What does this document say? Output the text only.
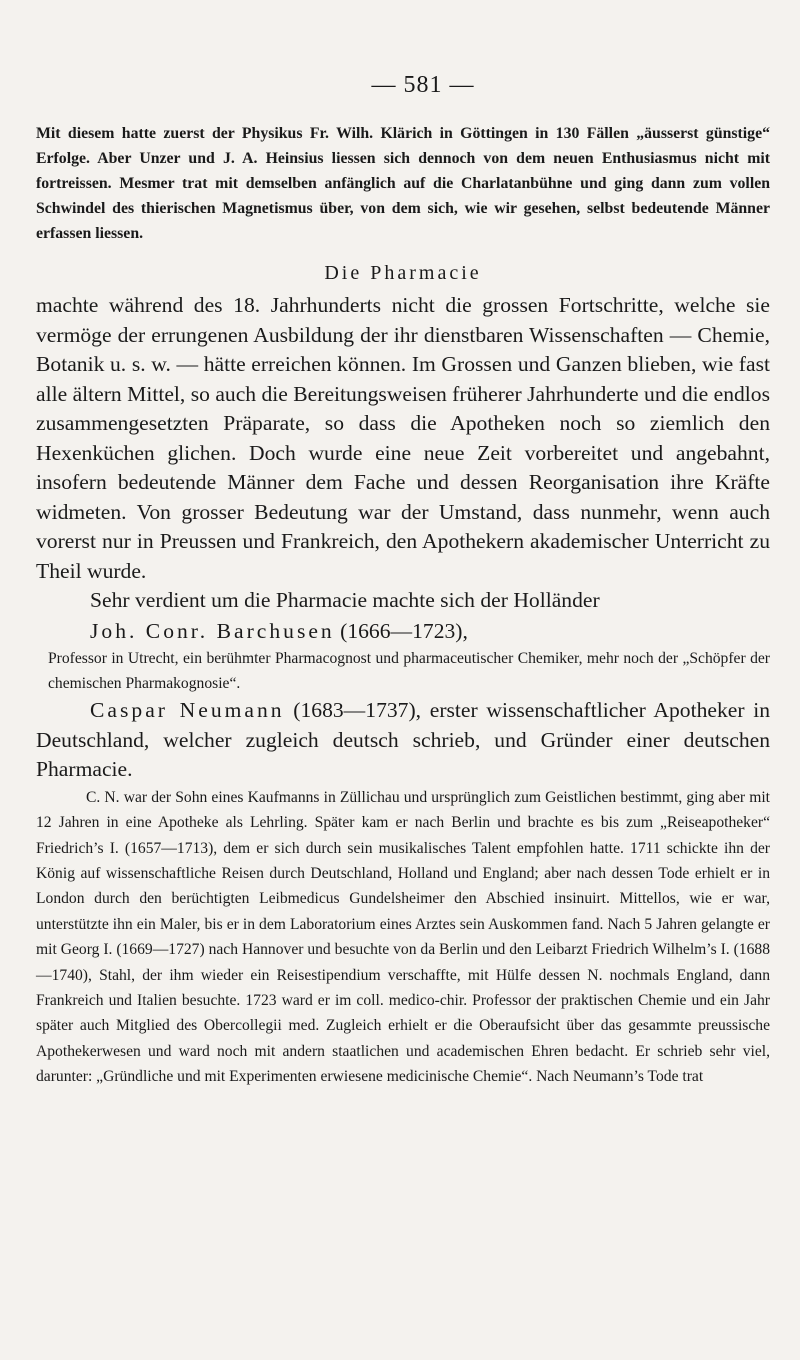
— 581 —

Mit diesem hatte zuerst der Physikus Fr. Wilh. Klärich in Göttingen in 130 Fällen „äusserst günstige“ Erfolge. Aber Unzer und J. A. Heinsius liessen sich dennoch von dem neuen Enthusiasmus nicht mit fortreissen. Mesmer trat mit demselben anfänglich auf die Charlatanbühne und ging dann zum vollen Schwindel des thierischen Magnetismus über, von dem sich, wie wir gesehen, selbst bedeutende Männer erfassen liessen.

Die Pharmacie

machte während des 18. Jahrhunderts nicht die grossen Fortschritte, welche sie vermöge der errungenen Ausbildung der ihr dienstbaren Wissenschaften — Chemie, Botanik u. s. w. — hätte erreichen können. Im Grossen und Ganzen blieben, wie fast alle ältern Mittel, so auch die Bereitungsweisen früherer Jahrhunderte und die endlos zusammengesetzten Präparate, so dass die Apotheken noch so ziemlich den Hexenküchen glichen. Doch wurde eine neue Zeit vorbereitet und angebahnt, insofern bedeutende Männer dem Fache und dessen Reorganisation ihre Kräfte widmeten. Von grosser Bedeutung war der Umstand, dass nunmehr, wenn auch vorerst nur in Preussen und Frankreich, den Apothekern akademischer Unterricht zu Theil wurde.

Sehr verdient um die Pharmacie machte sich der Holländer

Joh. Conr. Barchusen (1666—1723),

Professor in Utrecht, ein berühmter Pharmacognost und pharmaceutischer Chemiker, mehr noch der „Schöpfer der chemischen Pharmakognosie“.

Caspar Neumann (1683—1737), erster wissenschaftlicher Apotheker in Deutschland, welcher zugleich deutsch schrieb, und Gründer einer deutschen Pharmacie.

C. N. war der Sohn eines Kaufmanns in Züllichau und ursprünglich zum Geistlichen bestimmt, ging aber mit 12 Jahren in eine Apotheke als Lehrling. Später kam er nach Berlin und brachte es bis zum „Reiseapotheker“ Friedrich’s I. (1657—1713), dem er sich durch sein musikalisches Talent empfohlen hatte. 1711 schickte ihn der König auf wissenschaftliche Reisen durch Deutschland, Holland und England; aber nach dessen Tode erhielt er in London durch den berüchtigten Leibmedicus Gundelsheimer den Abschied insinuirt. Mittellos, wie er war, unterstützte ihn ein Maler, bis er in dem Laboratorium eines Arztes sein Auskommen fand. Nach 5 Jahren gelangte er mit Georg I. (1669—1727) nach Hannover und besuchte von da Berlin und den Leibarzt Friedrich Wilhelm’s I. (1688—1740), Stahl, der ihm wieder ein Reisestipendium verschaffte, mit Hülfe dessen N. nochmals England, dann Frankreich und Italien besuchte. 1723 ward er im coll. medico-chir. Professor der praktischen Chemie und ein Jahr später auch Mitglied des Obercollegii med. Zugleich erhielt er die Oberaufsicht über das gesammte preussische Apothekerwesen und ward noch mit andern staatlichen und academischen Ehren bedacht. Er schrieb sehr viel, darunter: „Gründliche und mit Experimenten erwiesene medicinische Chemie“. Nach Neumann’s Tode trat
